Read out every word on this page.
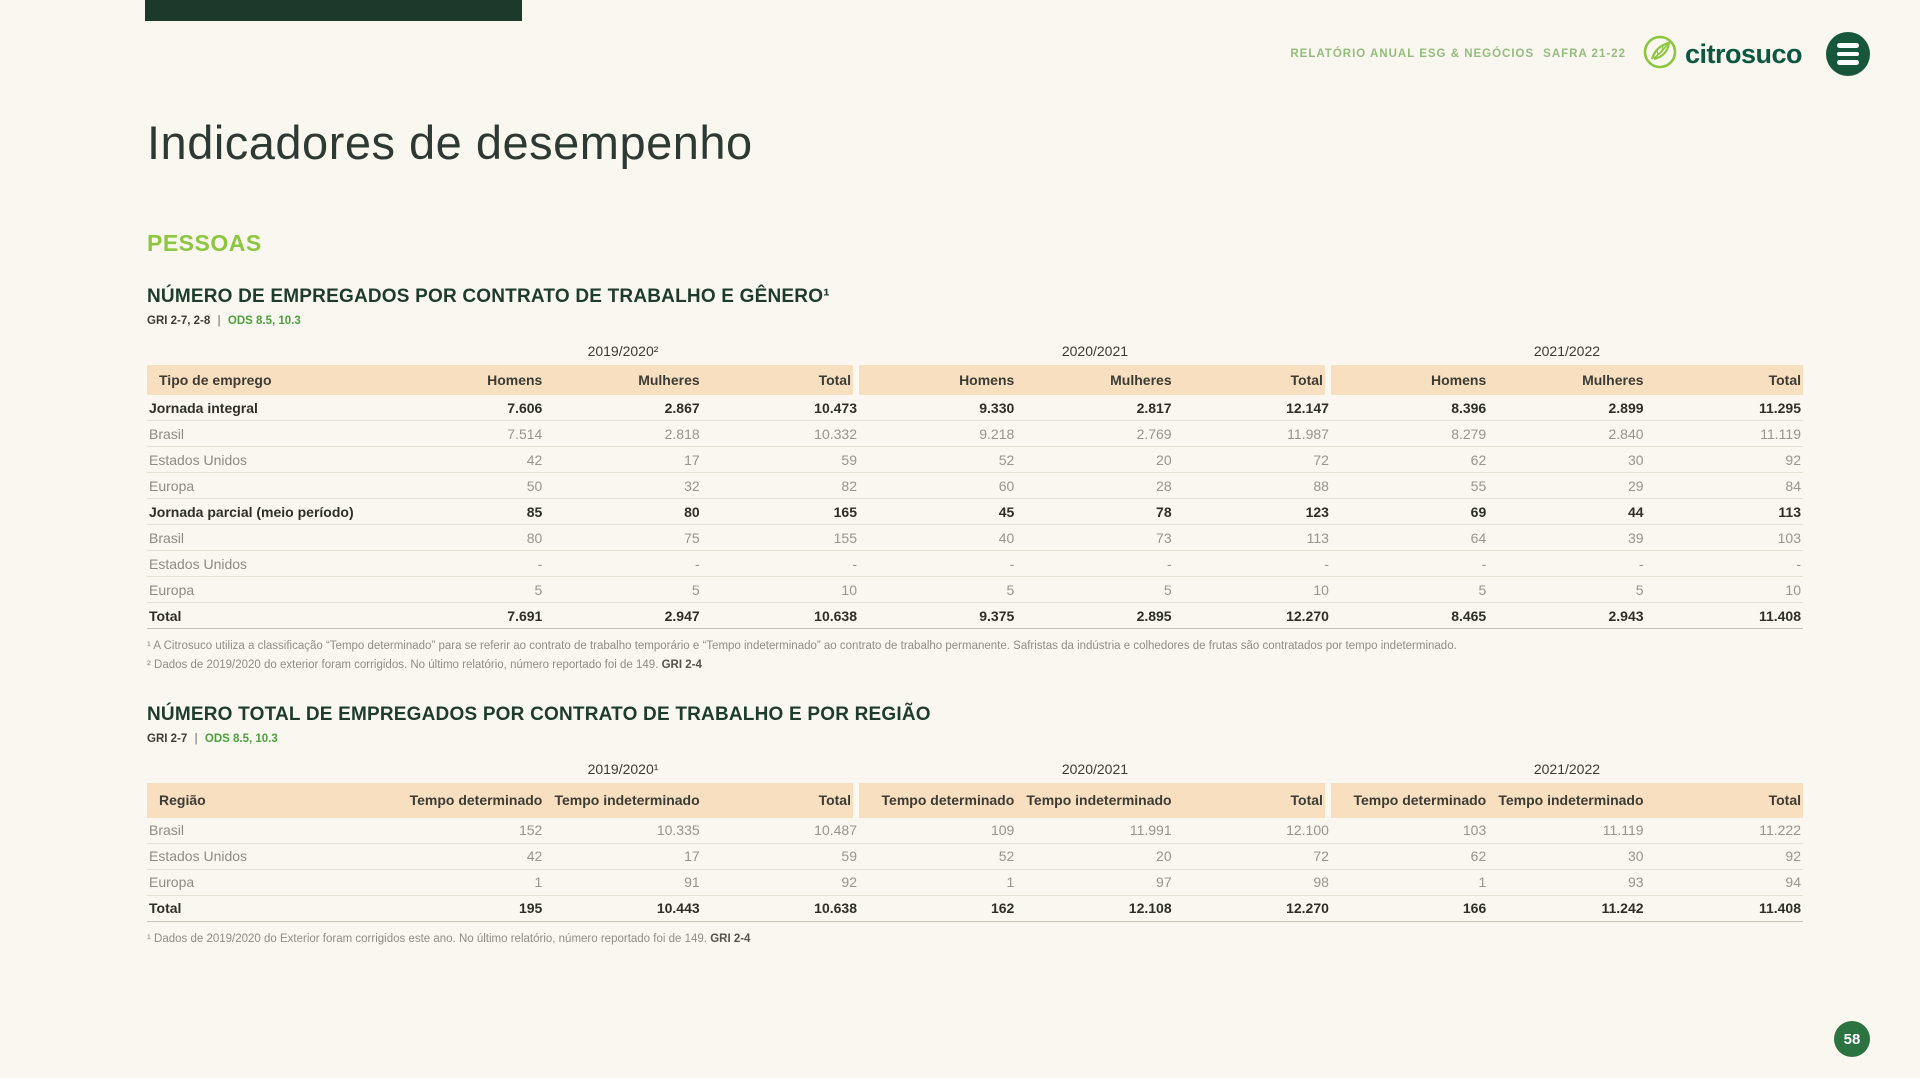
RELATÓRIO ANUAL ESG & NEGÓCIOS SAFRA 21-22 citrosuco
Indicadores de desempenho
PESSOAS
NÚMERO DE EMPREGADOS POR CONTRATO DE TRABALHO E GÊNERO¹
GRI 2-7, 2-8 | ODS 8.5, 10.3
	2019/2020²			2020/2021			2021/2022		
Tipo de emprego	Homens	Mulheres	Total	Homens	Mulheres	Total	Homens	Mulheres	Total
Jornada integral	7.606	2.867	10.473	9.330	2.817	12.147	8.396	2.899	11.295
Brasil	7.514	2.818	10.332	9.218	2.769	11.987	8.279	2.840	11.119
Estados Unidos	42	17	59	52	20	72	62	30	92
Europa	50	32	82	60	28	88	55	29	84
Jornada parcial (meio período)	85	80	165	45	78	123	69	44	113
Brasil	80	75	155	40	73	113	64	39	103
Estados Unidos	-	-	-	-	-	-	-	-	-
Europa	5	5	10	5	5	10	5	5	10
Total	7.691	2.947	10.638	9.375	2.895	12.270	8.465	2.943	11.408
¹ A Citrosuco utiliza a classificação “Tempo determinado” para se referir ao contrato de trabalho temporário e “Tempo indeterminado” ao contrato de trabalho permanente. Safristas da indústria e colhedores de frutas são contratados por tempo indeterminado.
² Dados de 2019/2020 do exterior foram corrigidos. No último relatório, número reportado foi de 149. GRI 2-4
NÚMERO TOTAL DE EMPREGADOS POR CONTRATO DE TRABALHO E POR REGIÃO
GRI 2-7 | ODS 8.5, 10.3
	2019/2020¹			2020/2021			2021/2022		
Região	Tempo determinado	Tempo indeterminado	Total	Tempo determinado	Tempo indeterminado	Total	Tempo determinado	Tempo indeterminado	Total
Brasil	152	10.335	10.487	109	11.991	12.100	103	11.119	11.222
Estados Unidos	42	17	59	52	20	72	62	30	92
Europa	1	91	92	1	97	98	1	93	94
Total	195	10.443	10.638	162	12.108	12.270	166	11.242	11.408
¹ Dados de 2019/2020 do Exterior foram corrigidos este ano. No último relatório, número reportado foi de 149. GRI 2-4
58
